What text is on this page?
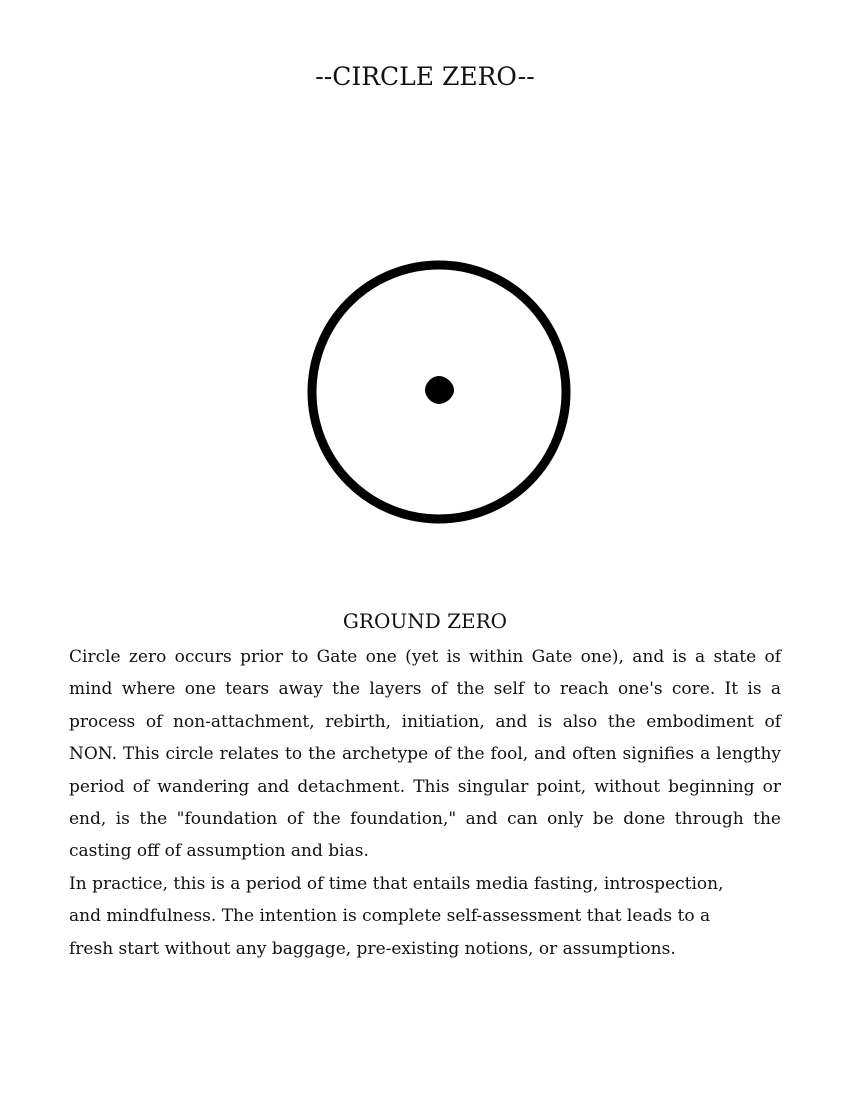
--CIRCLE ZERO--
GROUND ZERO

Circle zero occurs prior to Gate one (yet is within Gate one), and is a state of mind where one tears away the layers of the self to reach one's core. It is a process of non-attachment, rebirth, initiation, and is also the embodiment of NON. This circle relates to the archetype of the fool, and often signifies a lengthy period of wandering and detachment. This singular point, without beginning or end, is the "foundation of the foundation," and can only be done through the casting off of assumption and bias.

In practice, this is a period of time that entails media fasting, introspection, and mindfulness. The intention is complete self-assessment that leads to a fresh start without any baggage, pre-existing notions, or assumptions.
